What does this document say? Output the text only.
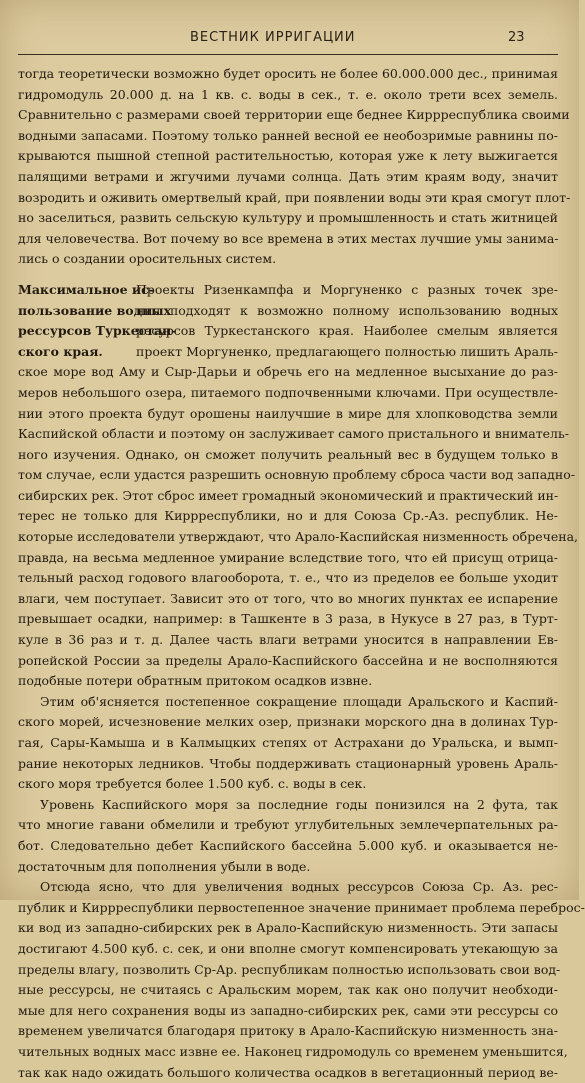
ВЕСТНИК ИРРИГАЦИИ	23
тогда теоретически возможно будет оросить не более 60.000.000 дес., принимая
гидромодуль 20.000 д. на 1 кв. с. воды в сек., т. е. около трети всех земель.
Сравнительно с размерами своей территории еще беднее Киррреспублика своими
водными запасами. Поэтому только ранней весной ее необозримые равнины по-
крываются пышной степной растительностью, которая уже к лету выжигается
палящими ветрами и жгучими лучами солнца. Дать этим краям воду, значит
возродить и оживить омертвелый край, при появлении воды эти края смогут плот-
но заселиться, развить сельскую культуру и промышленность и стать житницей
для человечества. Вот почему во все времена в этих местах лучшие умы занима-
лись о создании оросительных систем.
Максимальное ис-
Проекты Ризенкампфа и Моргуненко с разных точек зре-
пользование водных
ния подходят к возможно полному использованию водных
рессурсов Туркестан-
ресурсов Туркестанского края. Наиболее смелым является
ского края.	проект Моргуненко, предлагающего полностью лишить Араль-
ское море вод Аму и Сыр-Дарьи и обречь его на медленное высыхание до раз-
меров небольшого озера, питаемого подпочвенными ключами. При осуществле-
нии этого проекта будут орошены наилучшие в мире для хлопководства земли
Каспийской области и поэтому он заслуживает самого пристального и вниматель-
ного изучения. Однако, он сможет получить реальный вес в будущем только в
том случае, если удастся разрешить основную проблему сброса части вод западно-
сибирских рек. Этот сброс имеет громадный экономический и практический ин-
терес не только для Киррреспублики, но и для Союза Ср.-Аз. республик. Не-
которые исследователи утверждают, что Арало-Каспийская низменность обречена,
правда, на весьма медленное умирание вследствие того, что ей присущ отрица-
тельный расход годового влагооборота, т. е., что из пределов ее больше уходит
влаги, чем поступает. Зависит это от того, что во многих пунктах ее испарение
превышает осадки, например: в Ташкенте в 3 раза, в Нукусе в 27 раз, в Турт-
куле в 36 раз и т. д. Далее часть влаги ветрами уносится в направлении Ев-
ропейской России за пределы Арало-Каспийского бассейна и не восполняются
подобные потери обратным притоком осадков извне.
Этим об'ясняется постепенное сокращение площади Аральского и Каспий-
ского морей, исчезновение мелких озер, признаки морского дна в долинах Тур-
гая, Сары-Камыша и в Калмыцких степях от Астрахани до Уральска, и вымп-
рание некоторых ледников. Чтобы поддерживать стационарный уровень Араль-
ского моря требуется более 1.500 куб. с. воды в сек.
Уровень Каспийского моря за последние годы понизился на 2 фута, так
что многие гавани обмелили и требуют углубительных землечерпательных ра-
бот. Следовательно дебет Каспийского бассейна 5.000 куб. и оказывается не-
достаточным для пополнения убыли в воде.
Отсюда ясно, что для увеличения водных рессурсов Союза Ср. Аз. рес-
публик и Киррреспублики первостепенное значение принимает проблема переброс-
ки вод из западно-сибирских рек в Арало-Каспийскую низменность. Эти запасы
достигают 4.500 куб. с. сек, и они вполне смогут компенсировать утекающую за
пределы влагу, позволить Ср-Ар. республикам полностью использовать свои вод-
ные рессурсы, не считаясь с Аральским морем, так как оно получит необходи-
мые для него сохранения воды из западно-сибирских рек, сами эти рессурсы со
временем увеличатся благодаря притоку в Арало-Каспийскую низменность зна-
чительных водных масс извне ее. Наконец гидромодуль со временем уменьшится,
так как надо ожидать большого количества осадков в вегетационный период ве-
